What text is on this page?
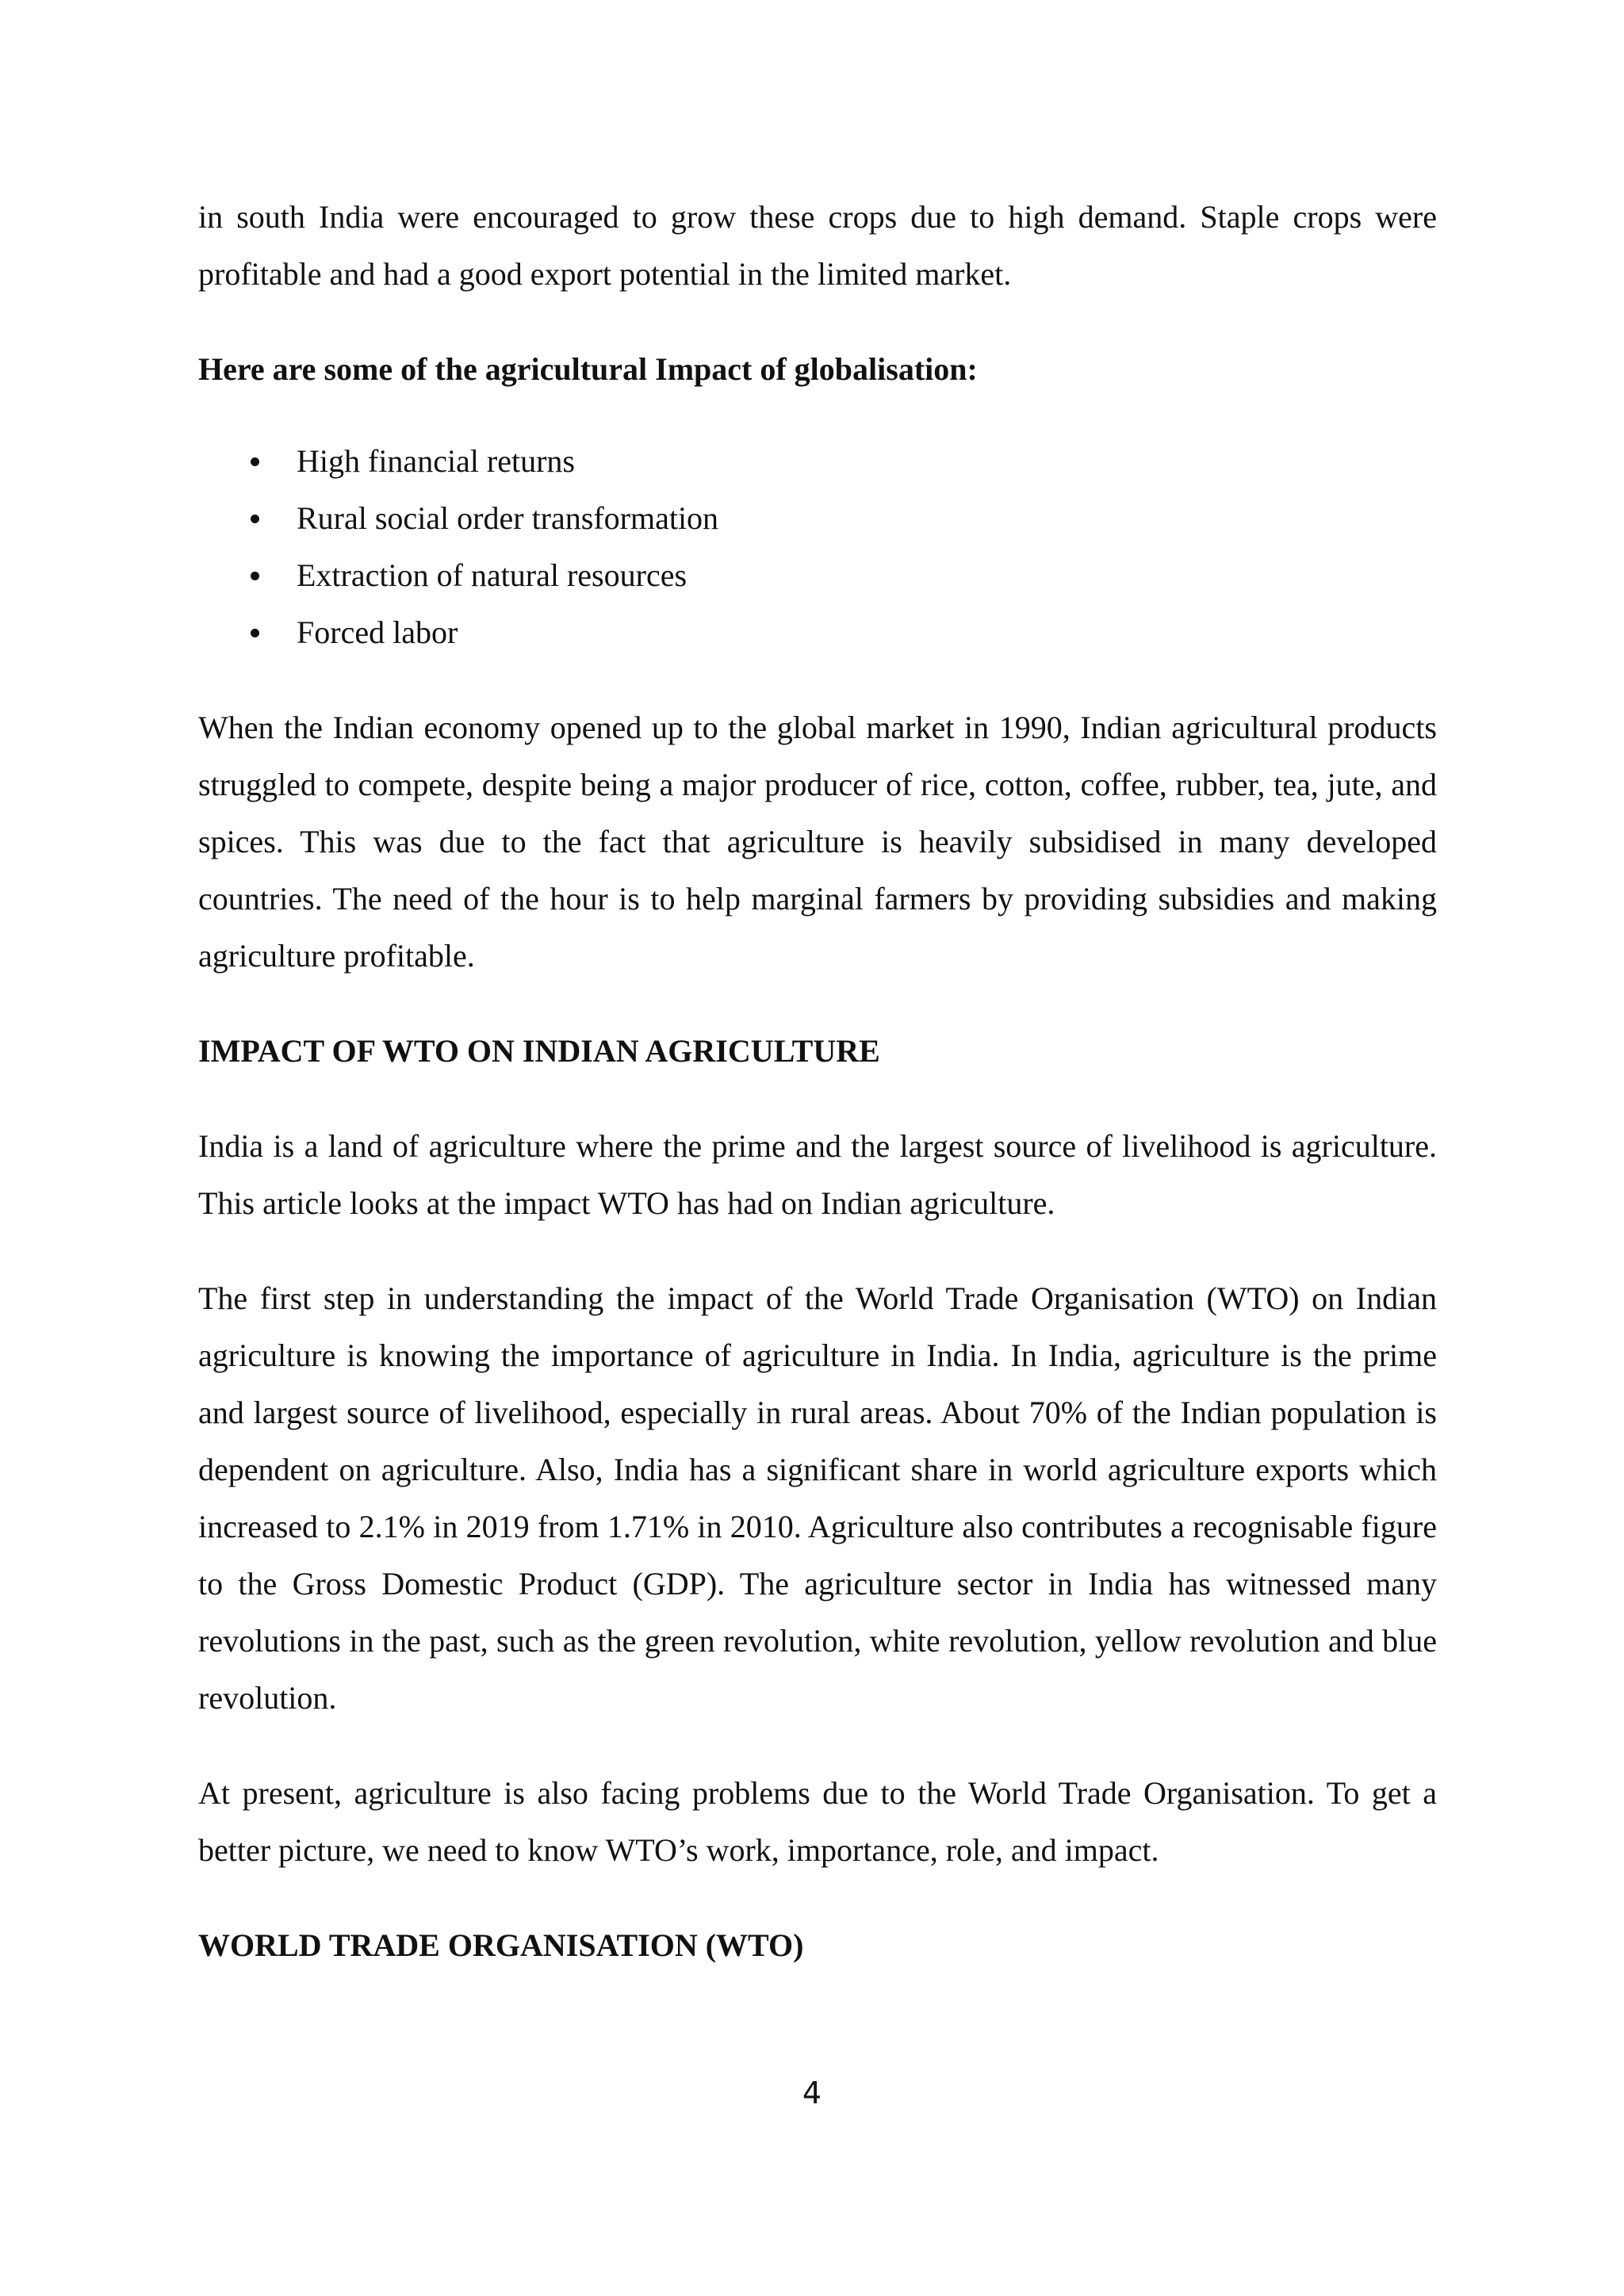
in south India were encouraged to grow these crops due to high demand. Staple crops were profitable and had a good export potential in the limited market.

Here are some of the agricultural Impact of globalisation:
High financial returns
Rural social order transformation
Extraction of natural resources
Forced labor

When the Indian economy opened up to the global market in 1990, Indian agricultural products struggled to compete, despite being a major producer of rice, cotton, coffee, rubber, tea, jute, and spices. This was due to the fact that agriculture is heavily subsidised in many developed countries. The need of the hour is to help marginal farmers by providing subsidies and making agriculture profitable.

IMPACT OF WTO ON INDIAN AGRICULTURE

India is a land of agriculture where the prime and the largest source of livelihood is agriculture. This article looks at the impact WTO has had on Indian agriculture.

The first step in understanding the impact of the World Trade Organisation (WTO) on Indian agriculture is knowing the importance of agriculture in India. In India, agriculture is the prime and largest source of livelihood, especially in rural areas. About 70% of the Indian population is dependent on agriculture. Also, India has a significant share in world agriculture exports which increased to 2.1% in 2019 from 1.71% in 2010. Agriculture also contributes a recognisable figure to the Gross Domestic Product (GDP). The agriculture sector in India has witnessed many revolutions in the past, such as the green revolution, white revolution, yellow revolution and blue revolution.

At present, agriculture is also facing problems due to the World Trade Organisation. To get a better picture, we need to know WTO’s work, importance, role, and impact.

WORLD TRADE ORGANISATION (WTO)
4
